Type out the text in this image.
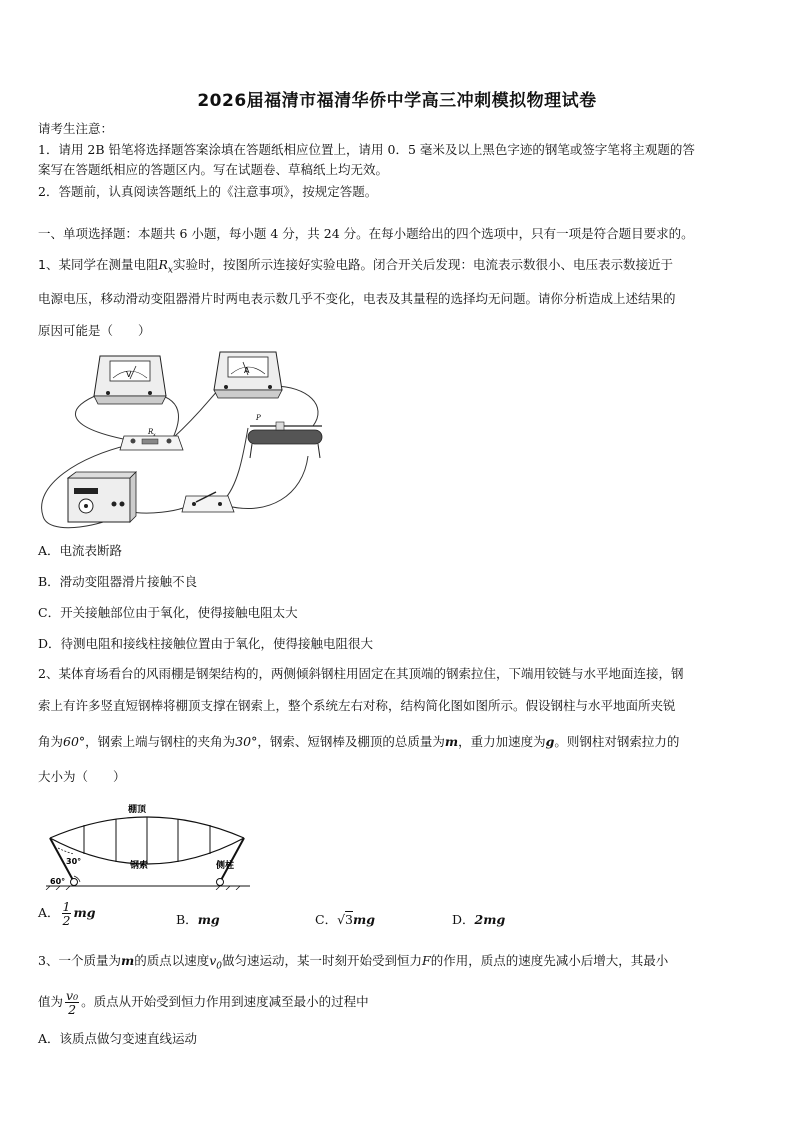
2026届福清市福清华侨中学高三冲刺模拟物理试卷
请考生注意：
1．请用 2B 铅笔将选择题答案涂填在答题纸相应位置上，请用 0．5 毫米及以上黑色字迹的钢笔或签字笔将主观题的答
案写在答题纸相应的答题区内。写在试题卷、草稿纸上均无效。
2．答题前，认真阅读答题纸上的《注意事项》，按规定答题。
一、单项选择题：本题共 6 小题，每小题 4 分，共 24 分。在每小题给出的四个选项中，只有一项是符合题目要求的。
1、某同学在测量电阻$R_x$实验时，按图所示连接好实验电路。闭合开关后发现：电流表示数很小、电压表示数接近于
电源电压，移动滑动变阻器滑片时两电表示数几乎不变化，电表及其量程的选择均无问题。请你分析造成上述结果的
原因可能是（　　）
V	A
R x
P
A．电流表断路
B．滑动变阻器滑片接触不良
C．开关接触部位由于氧化，使得接触电阻太大
D．待测电阻和接线柱接触位置由于氧化，使得接触电阻很大
2、某体育场看台的风雨棚是钢架结构的，两侧倾斜钢柱用固定在其顶端的钢索拉住，下端用铰链与水平地面连接，钢
索上有许多竖直短钢棒将棚顶支撑在钢索上，整个系统左右对称，结构简化图如图所示。假设钢柱与水平地面所夹锐
角为60°，钢索上端与钢柱的夹角为30°，钢索、短钢棒及棚顶的总质量为m，重力加速度为g。则钢柱对钢索拉力的
大小为（　　）
棚顶
钢索	侧柱
30°
60°
A． $\frac{1}{2}$ mg	B．mg	C．√3mg	D．2mg
3、一个质量为m的质点以速度$v_0$做匀速运动，某一时刻开始受到恒力F的作用，质点的速度先减小后增大，其最小
值为 $\frac{\text{v₀}}{2}$ 。质点从开始受到恒力作用到速度减至最小的过程中
A．该质点做匀变速直线运动
